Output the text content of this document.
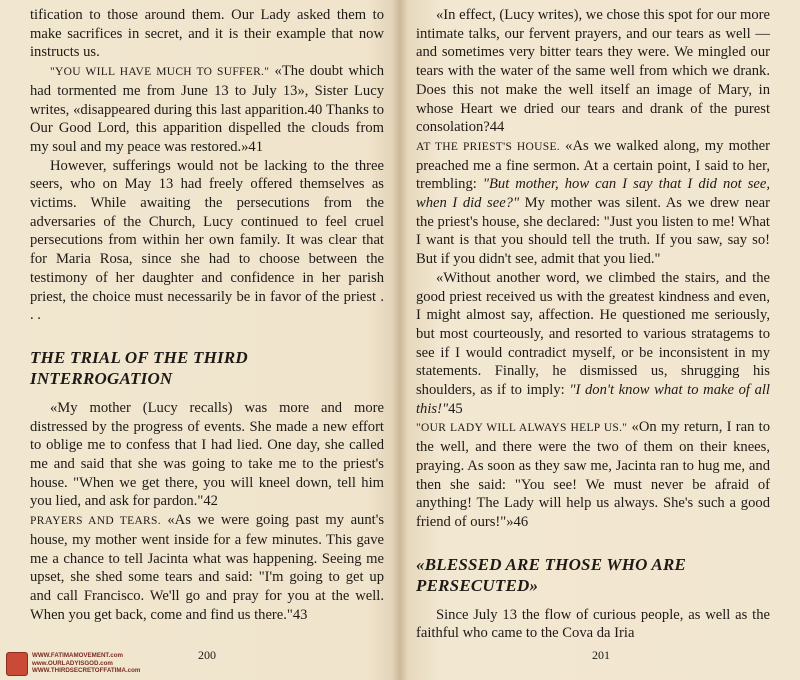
tification to those around them. Our Lady asked them to make sacrifices in secret, and it is their example that now instructs us.

"YOU WILL HAVE MUCH TO SUFFER." «The doubt which had tormented me from June 13 to July 13», Sister Lucy writes, «disappeared during this last apparition.40 Thanks to Our Good Lord, this apparition dispelled the clouds from my soul and my peace was restored.»41

However, sufferings would not be lacking to the three seers, who on May 13 had freely offered themselves as victims. While awaiting the persecutions from the adversaries of the Church, Lucy continued to feel cruel persecutions from within her own family. It was clear that for Maria Rosa, since she had to choose between the testimony of her daughter and confidence in her parish priest, the choice must necessarily be in favor of the priest . . .

THE TRIAL OF THE THIRD
INTERROGATION

«My mother (Lucy recalls) was more and more distressed by the progress of events. She made a new effort to oblige me to confess that I had lied. One day, she called me and said that she was going to take me to the priest's house. "When we get there, you will kneel down, tell him you lied, and ask for pardon."42

PRAYERS AND TEARS. «As we were going past my aunt's house, my mother went inside for a few minutes. This gave me a chance to tell Jacinta what was happening. Seeing me upset, she shed some tears and said: "I'm going to get up and call Francisco. We'll go and pray for you at the well. When you get back, come and find us there."43

«In effect, (Lucy writes), we chose this spot for our more intimate talks, our fervent prayers, and our tears as well — and sometimes very bitter tears they were. We mingled our tears with the water of the same well from which we drank. Does this not make the well itself an image of Mary, in whose Heart we dried our tears and drank of the purest consolation?44

AT THE PRIEST'S HOUSE. «As we walked along, my mother preached me a fine sermon. At a certain point, I said to her, trembling: "But mother, how can I say that I did not see, when I did see?" My mother was silent. As we drew near the priest's house, she declared: "Just you listen to me! What I want is that you should tell the truth. If you saw, say so! But if you didn't see, admit that you lied."

«Without another word, we climbed the stairs, and the good priest received us with the greatest kindness and even, I might almost say, affection. He questioned me seriously, but most courteously, and resorted to various stratagems to see if I would contradict myself, or be inconsistent in my statements. Finally, he dismissed us, shrugging his shoulders, as if to imply: "I don't know what to make of all this!"45

"OUR LADY WILL ALWAYS HELP US." «On my return, I ran to the well, and there were the two of them on their knees, praying. As soon as they saw me, Jacinta ran to hug me, and then she said: "You see! We must never be afraid of anything! The Lady will help us always. She's such a good friend of ours!"»46

«BLESSED ARE THOSE WHO ARE
PERSECUTED»

Since July 13 the flow of curious people, as well as the faithful who came to the Cova da Iria

200	201
WWW.FATIMAMOVEMENT.com
www.OURLADYISGOD.com
WWW.THIRDSECRETOFFATIMA.com
